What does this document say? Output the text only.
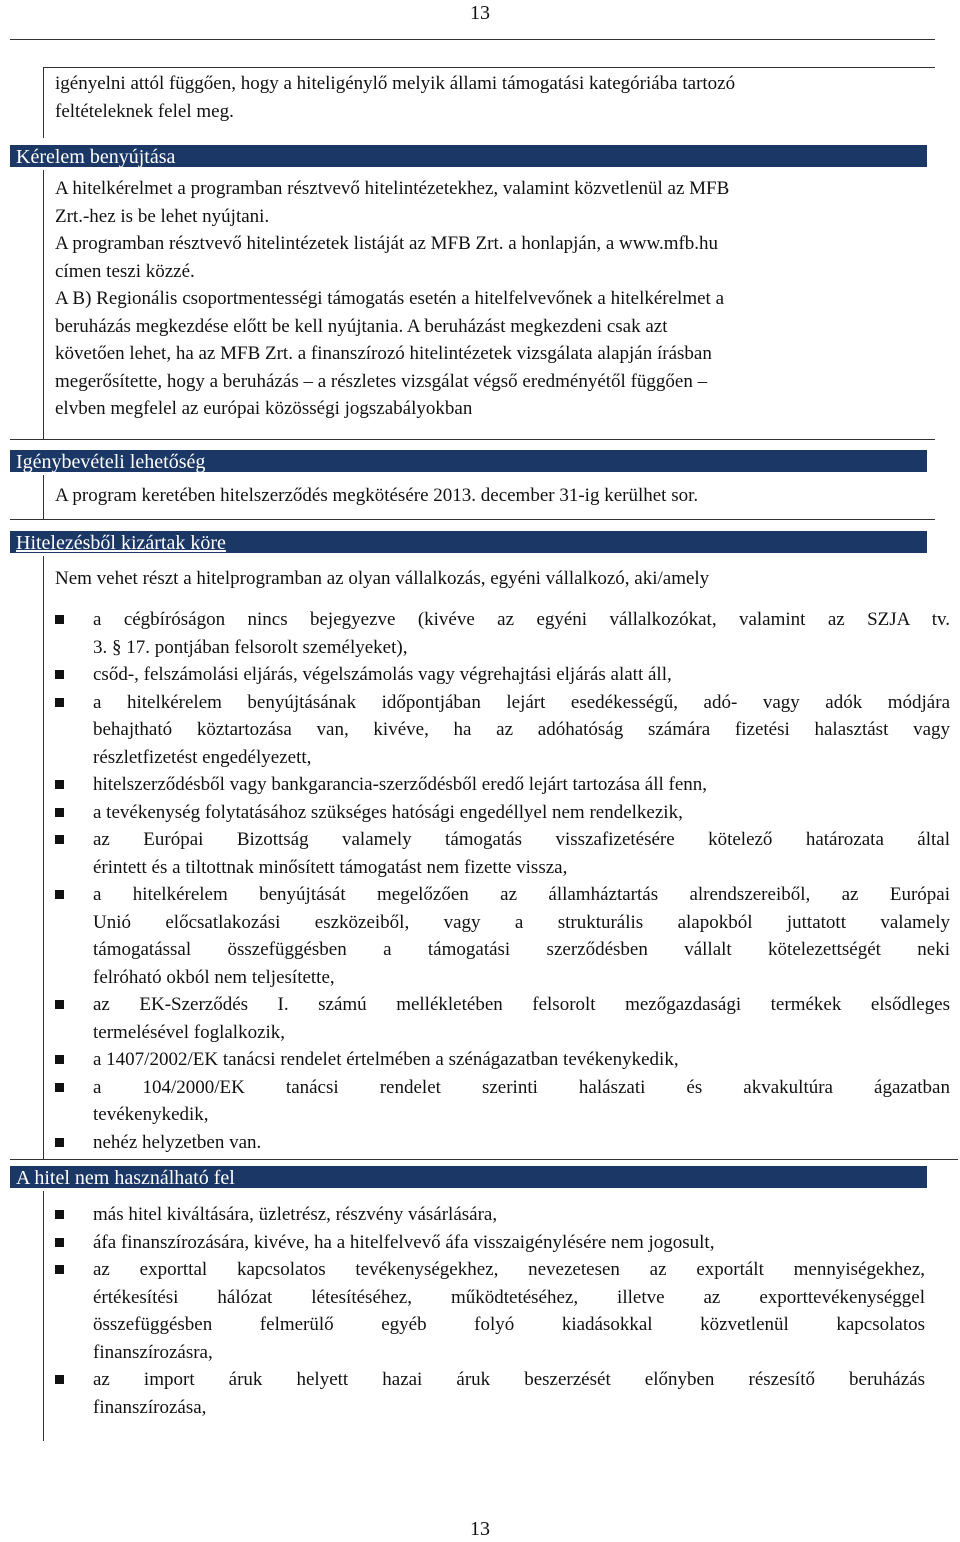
13
igényelni attól függően, hogy a hiteligénylő melyik állami támogatási kategóriába tartozó
feltételeknek felel meg.
Kérelem benyújtása
A hitelkérelmet a programban résztvevő hitelintézetekhez, valamint közvetlenül az MFB
Zrt.-hez is be lehet nyújtani.
A programban résztvevő hitelintézetek listáját az MFB Zrt. a honlapján, a www.mfb.hu
címen teszi közzé.
A B) Regionális csoportmentességi támogatás esetén a hitelfelvevőnek a hitelkérelmet a
beruházás megkezdése előtt be kell nyújtania. A beruházást megkezdeni csak azt
követően lehet, ha az MFB Zrt. a finanszírozó hitelintézetek vizsgálata alapján írásban
megerősítette, hogy a beruházás – a részletes vizsgálat végső eredményétől függően –
elvben megfelel az európai közösségi jogszabályokban
Igénybevételi lehetőség
A program keretében hitelszerződés megkötésére 2013. december 31-ig kerülhet sor.
Hitelezésből kizártak köre
Nem vehet részt a hitelprogramban az olyan vállalkozás, egyéni vállalkozó, aki/amely
a cégbíróságon nincs bejegyezve (kivéve az egyéni vállalkozókat, valamint az SZJA tv.
3. § 17. pontjában felsorolt személyeket),
csőd-, felszámolási eljárás, végelszámolás vagy végrehajtási eljárás alatt áll,
a hitelkérelem benyújtásának időpontjában lejárt esedékességű, adó- vagy adók módjára
behajtható köztartozása van, kivéve, ha az adóhatóság számára fizetési halasztást vagy
részletfizetést engedélyezett,
hitelszerződésből vagy bankgarancia-szerződésből eredő lejárt tartozása áll fenn,
a tevékenység folytatásához szükséges hatósági engedéllyel nem rendelkezik,
az Európai Bizottság valamely támogatás visszafizetésére kötelező határozata által
érintett és a tiltottnak minősített támogatást nem fizette vissza,
a hitelkérelem benyújtását megelőzően az államháztartás alrendszereiből, az Európai
Unió előcsatlakozási eszközeiből, vagy a strukturális alapokból juttatott valamely
támogatással összefüggésben a támogatási szerződésben vállalt kötelezettségét neki
felróható okból nem teljesítette,
az EK-Szerződés I. számú mellékletében felsorolt mezőgazdasági termékek elsődleges
termelésével foglalkozik,
a 1407/2002/EK tanácsi rendelet értelmében a szénágazatban tevékenykedik,
a 104/2000/EK tanácsi rendelet szerinti halászati és akvakultúra ágazatban
tevékenykedik,
nehéz helyzetben van.
A hitel nem használható fel
más hitel kiváltására, üzletrész, részvény vásárlására,
áfa finanszírozására, kivéve, ha a hitelfelvevő áfa visszaigénylésére nem jogosult,
az exporttal kapcsolatos tevékenységekhez, nevezetesen az exportált mennyiségekhez,
értékesítési hálózat létesítéséhez, működtetéséhez, illetve az exporttevékenységgel
összefüggésben felmerülő egyéb folyó kiadásokkal közvetlenül kapcsolatos
finanszírozásra,
az import áruk helyett hazai áruk beszerzését előnyben részesítő beruházás
finanszírozása,
13
